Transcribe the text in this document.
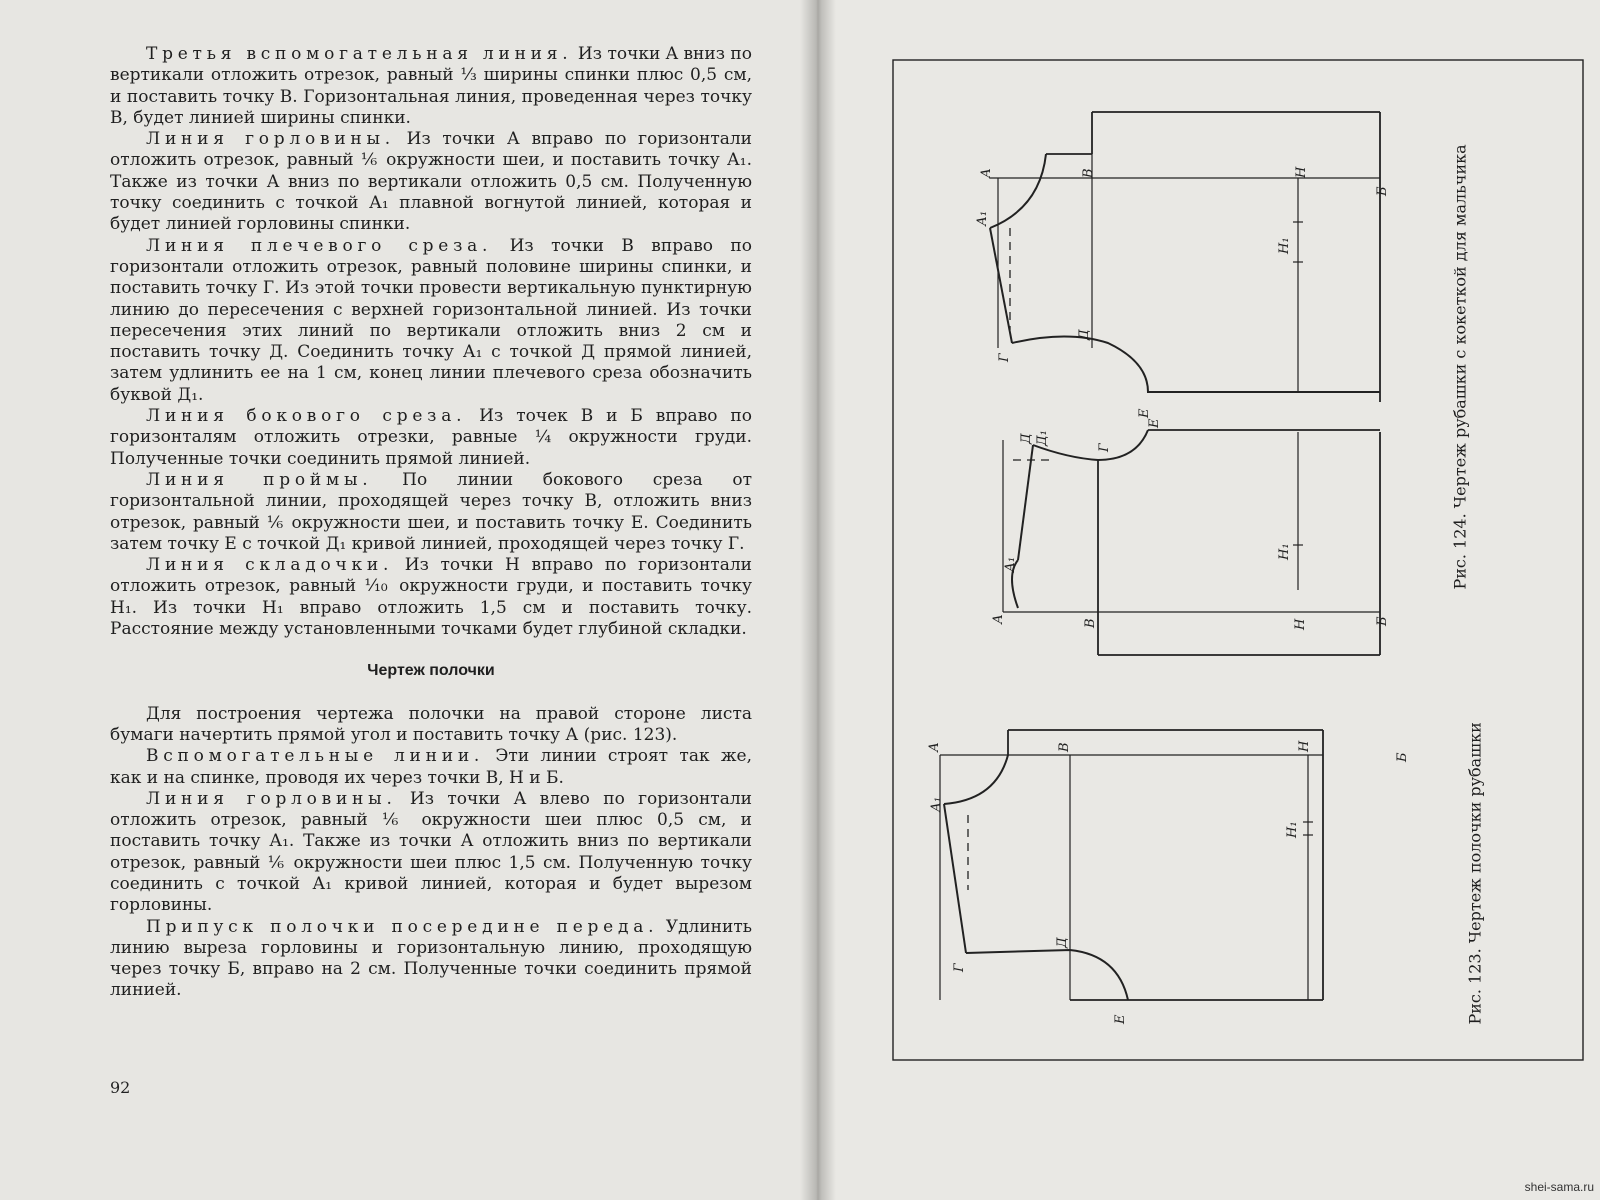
Третья вспомогательная линия. Из точки A вниз по вертикали отложить отрезок, равный ⅓ ширины спинки плюс 0,5 см, и поставить точку В. Горизонтальная линия, проведенная через точку В, будет линией ширины спинки.

Линия горловины. Из точки А вправо по горизонтали отложить отрезок, равный ⅙ окружности шеи, и поставить точку А₁. Также из точки А вниз по вертикали отложить 0,5 см. Полученную точку соединить с точкой А₁ плавной вогнутой линией, которая и будет линией горловины спинки.

Линия плечевого среза. Из точки В вправо по горизонтали отложить отрезок, равный половине ширины спинки, и поставить точку Г. Из этой точки провести вертикальную пунктирную линию до пересечения с верхней горизонтальной линией. Из точки пересечения этих линий по вертикали отложить вниз 2 см и поставить точку Д. Соединить точку А₁ с точкой Д прямой линией, затем удлинить ее на 1 см, конец линии плечевого среза обозначить буквой Д₁.

Линия бокового среза. Из точек В и Б вправо по горизонталям отложить отрезки, равные ¼ окружности груди. Полученные точки соединить прямой линией.

Линия проймы. По линии бокового среза от горизонтальной линии, проходящей через точку В, отложить вниз отрезок, равный ⅙ окружности шеи, и поставить точку Е. Соединить затем точку Е с точкой Д₁ кривой линией, проходящей через точку Г.

Линия складочки. Из точки Н вправо по горизонтали отложить отрезок, равный ⅒ окружности груди, и поставить точку Н₁. Из точки Н₁ вправо отложить 1,5 см и поставить точку. Расстояние между установленными точками будет глубиной складки.

Чертеж полочки

Для построения чертежа полочки на правой стороне листа бумаги начертить прямой угол и поставить точку А (рис. 123).

Вспомогательные линии. Эти линии строят так же, как и на спинке, проводя их через точки В, Н и Б.

Линия горловины. Из точки А влево по горизонтали отложить отрезок, равный ⅙ окружности шеи плюс 0,5 см, и поставить точку А₁. Также из точки А отложить вниз по вертикали отрезок, равный ⅙ окружности шеи плюс 1,5 см. Полученную точку соединить с точкой А₁ кривой линией, которая и будет вырезом горловины.

Припуск полочки посередине переда. Удлинить линию выреза горловины и горизонтальную линию, проходящую через точку Б, вправо на 2 см. Полученные точки соединить прямой линией.

92
А	В	Н
Б
А₁
Н₁
Д
Г
Е
Е
Д Д₁
Г
Н₁
А₁
А	В	Н	Б
А	В	Н
Б
А₁
Н₁
Д
Г
Е
Рис. 124. Чертеж рубашки с кокеткой для мальчика
Рис. 123. Чертеж полочки рубашки
shei-sama.ru
